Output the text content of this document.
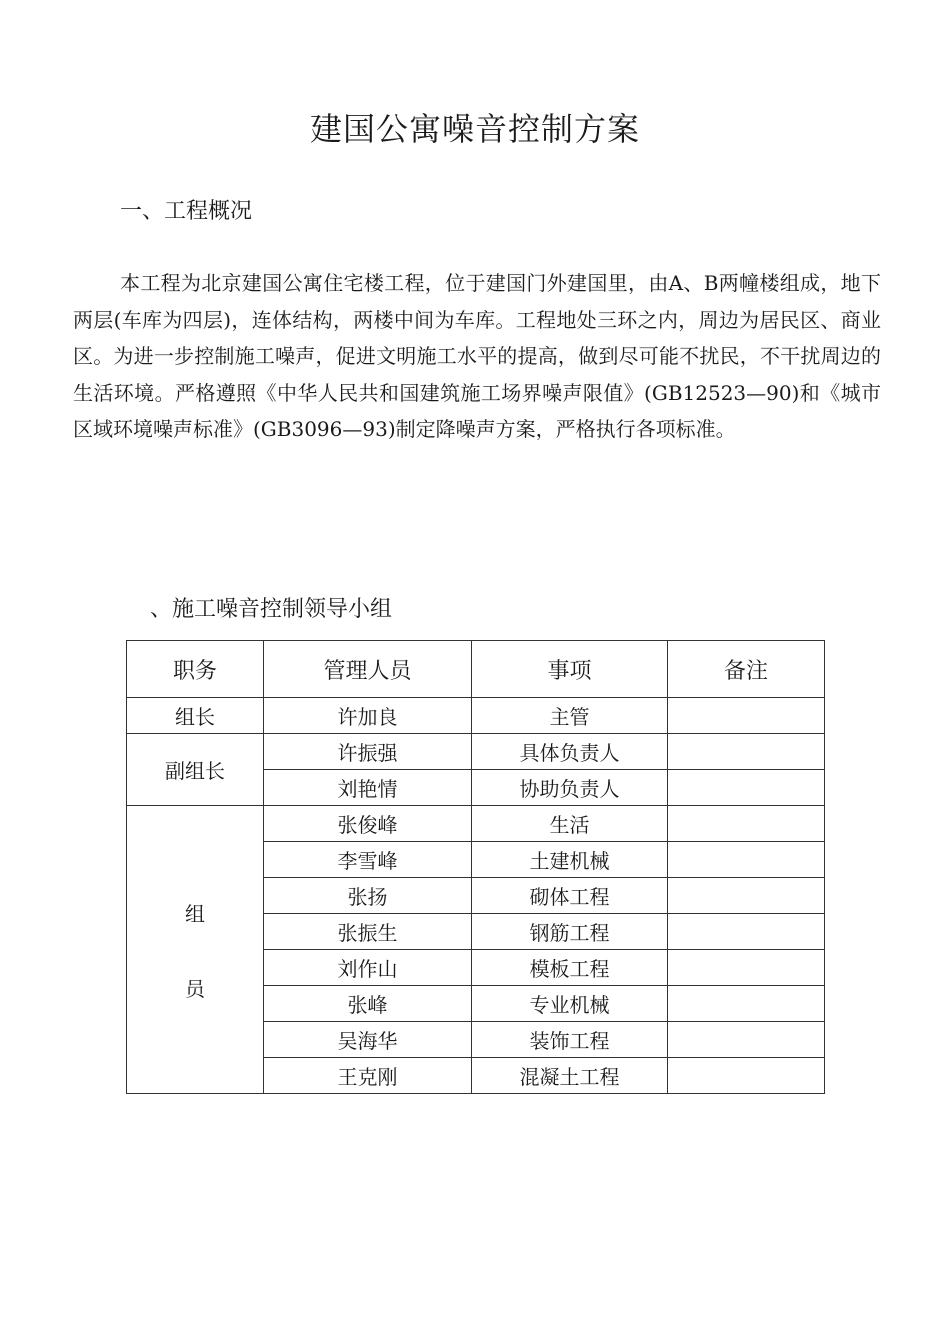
建国公寓噪音控制方案
一、工程概况

本工程为北京建国公寓住宅楼工程，位于建国门外建国里，由A、B两幢楼组成，地下两层(车库为四层)，连体结构，两楼中间为车库。工程地处三环之内，周边为居民区、商业区。为进一步控制施工噪声，促进文明施工水平的提高，做到尽可能不扰民，不干扰周边的生活环境。严格遵照《中华人民共和国建筑施工场界噪声限值》(GB12523—90)和《城市区域环境噪声标准》(GB3096—93)制定降噪声方案，严格执行各项标准。

、施工噪音控制领导小组
职务	管理人员	事项	备注
组长	许加良	主管	
副组长	许振强	具体负责人	
	刘艳情	协助负责人	

组
员	张俊峰	生活	
	李雪峰	土建机械	
	张扬	砌体工程	
	张振生	钢筋工程	
	刘作山	模板工程	
	张峰	专业机械	
	吴海华	装饰工程	
	王克刚	混凝土工程	
